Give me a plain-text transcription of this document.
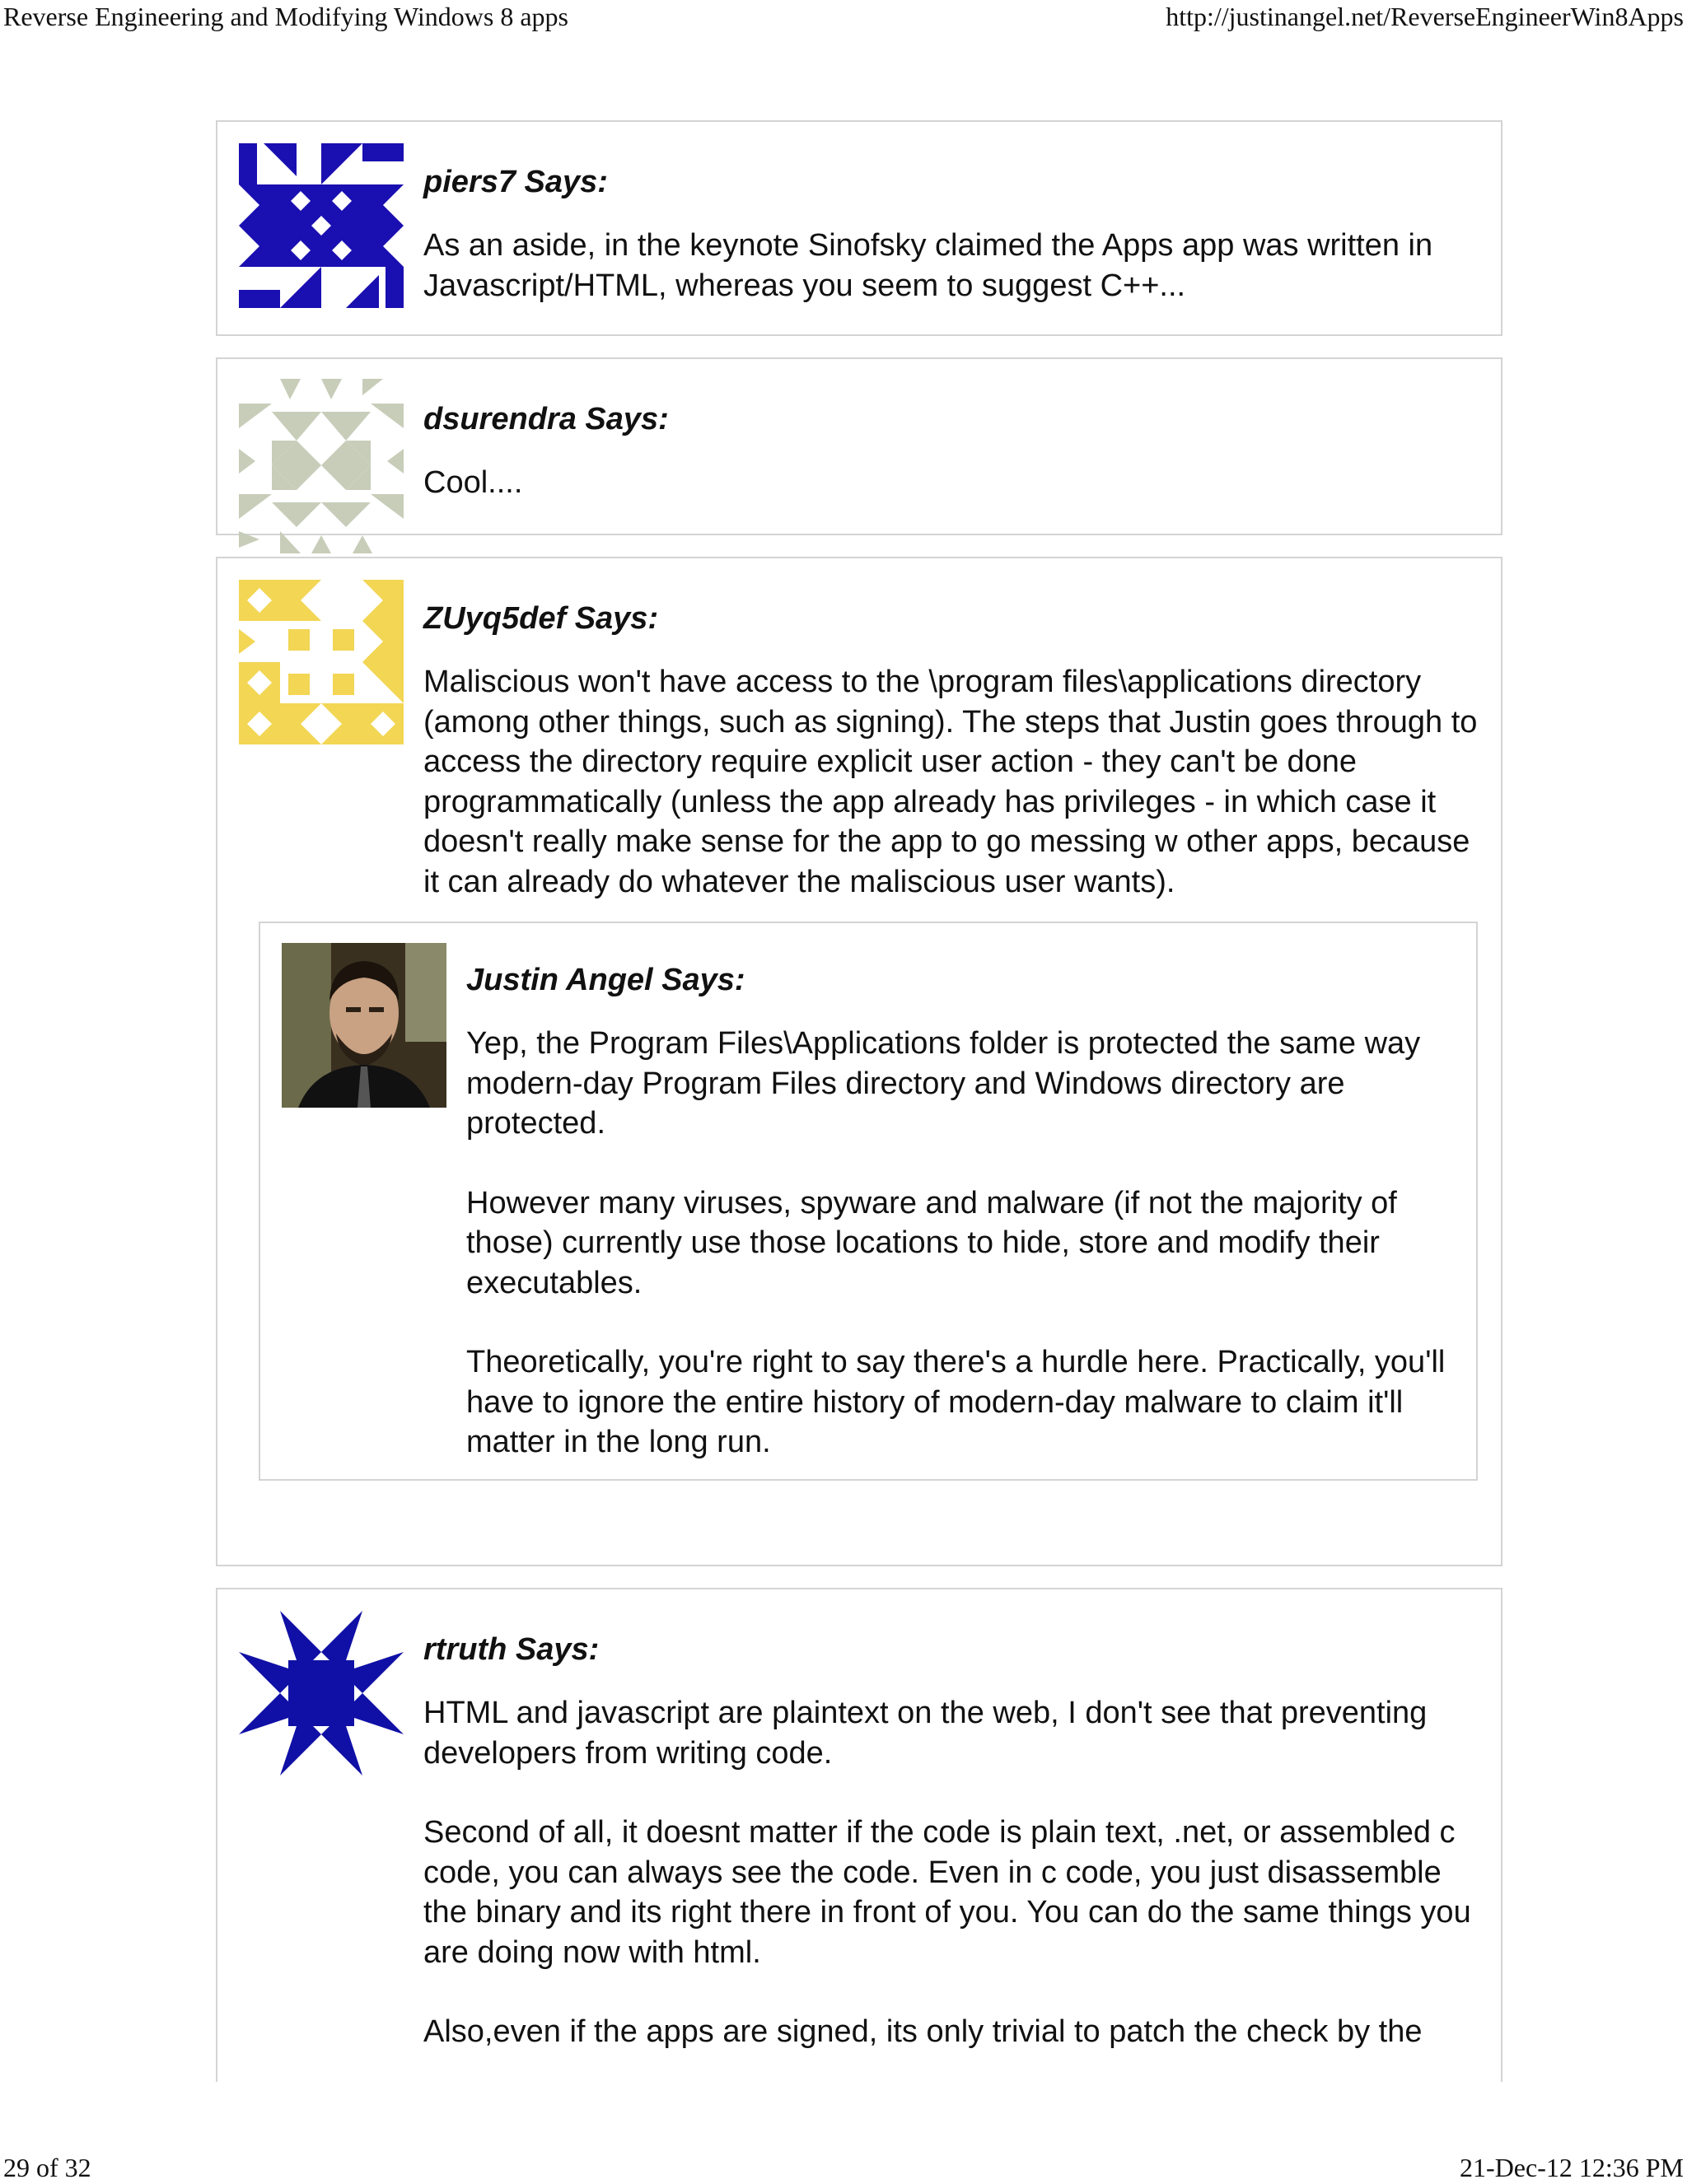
Reverse Engineering and Modifying Windows 8 apps	http://justinangel.net/ReverseEngineerWin8Apps
piers7 Says:

As an aside, in the keynote Sinofsky claimed the Apps app was written in Javascript/HTML, whereas you seem to suggest C++...

dsurendra Says:

Cool....

ZUyq5def Says:

Maliscious won't have access to the \program files\applications directory (among other things, such as signing). The steps that Justin goes through to access the directory require explicit user action - they can't be done programmatically (unless the app already has privileges - in which case it doesn't really make sense for the app to go messing w other apps, because it can already do whatever the maliscious user wants).

Justin Angel Says:

Yep, the Program Files\Applications folder is protected the same way modern-day Program Files directory and Windows directory are protected.

However many viruses, spyware and malware (if not the majority of those) currently use those locations to hide, store and modify their executables.

Theoretically, you're right to say there's a hurdle here. Practically, you'll have to ignore the entire history of modern-day malware to claim it'll matter in the long run.

rtruth Says:

HTML and javascript are plaintext on the web, I don't see that preventing developers from writing code.

Second of all, it doesnt matter if the code is plain text, .net, or assembled c code, you can always see the code. Even in c code, you just disassemble the binary and its right there in front of you. You can do the same things you are doing now with html.

Also,even if the apps are signed, its only trivial to patch the check by the

29 of 32	21-Dec-12 12:36 PM
